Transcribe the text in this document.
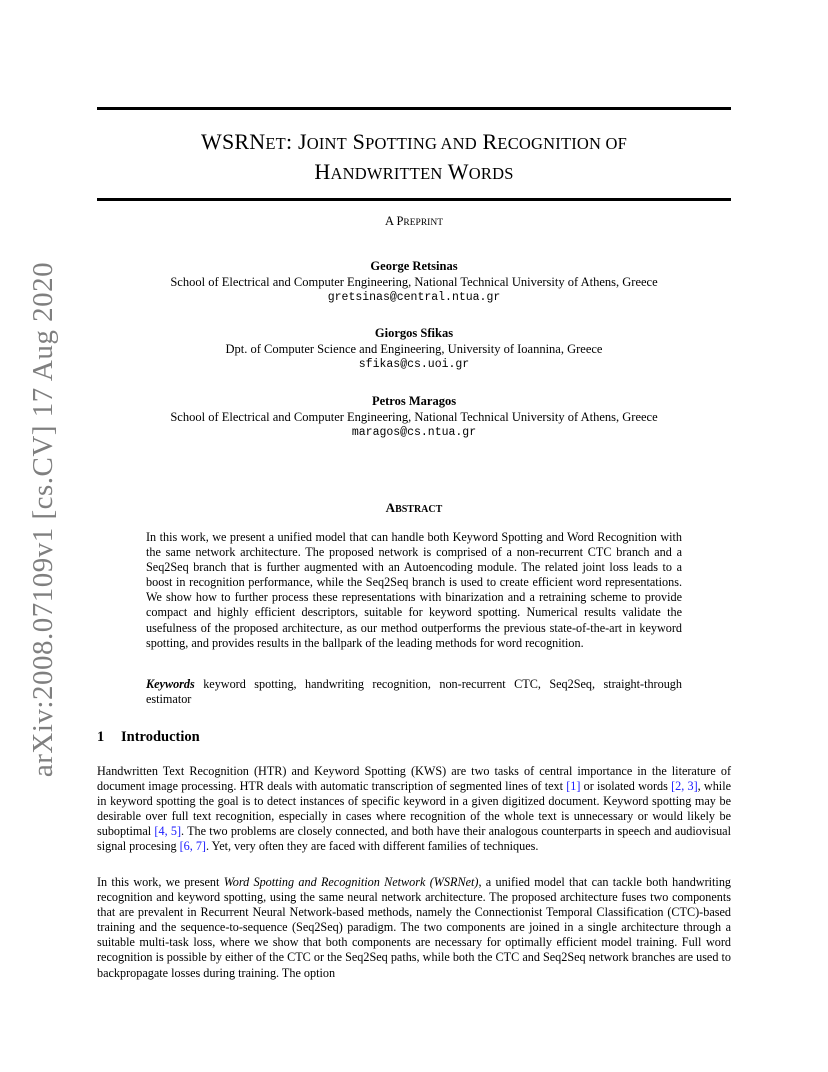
arXiv:2008.07109v1 [cs.CV] 17 Aug 2020
WSRNET: JOINT SPOTTING AND RECOGNITION OF
HANDWRITTEN WORDS
A PREPRINT
George Retsinas
School of Electrical and Computer Engineering, National Technical University of Athens, Greece
gretsinas@central.ntua.gr
Giorgos Sfikas
Dpt. of Computer Science and Engineering, University of Ioannina, Greece
sfikas@cs.uoi.gr
Petros Maragos
School of Electrical and Computer Engineering, National Technical University of Athens, Greece
maragos@cs.ntua.gr
ABSTRACT
In this work, we present a unified model that can handle both Keyword Spotting and Word Recognition with the same network architecture. The proposed network is comprised of a non-recurrent CTC branch and a Seq2Seq branch that is further augmented with an Autoencoding module. The related joint loss leads to a boost in recognition performance, while the Seq2Seq branch is used to create efficient word representations. We show how to further process these representations with binarization and a retraining scheme to provide compact and highly efficient descriptors, suitable for keyword spotting. Numerical results validate the usefulness of the proposed architecture, as our method outperforms the previous state-of-the-art in keyword spotting, and provides results in the ballpark of the leading methods for word recognition.
Keywords keyword spotting, handwriting recognition, non-recurrent CTC, Seq2Seq, straight-through estimator
1 Introduction

Handwritten Text Recognition (HTR) and Keyword Spotting (KWS) are two tasks of central importance in the literature of document image processing. HTR deals with automatic transcription of segmented lines of text [1] or isolated words [2, 3], while in keyword spotting the goal is to detect instances of specific keyword in a given digitized document. Keyword spotting may be desirable over full text recognition, especially in cases where recognition of the whole text is unnecessary or would likely be suboptimal [4, 5]. The two problems are closely connected, and both have their analogous counterparts in speech and audiovisual signal procesing [6, 7]. Yet, very often they are faced with different families of techniques.

In this work, we present Word Spotting and Recognition Network (WSRNet), a unified model that can tackle both handwriting recognition and keyword spotting, using the same neural network architecture. The proposed architecture fuses two components that are prevalent in Recurrent Neural Network-based methods, namely the Connectionist Temporal Classification (CTC)-based training and the sequence-to-sequence (Seq2Seq) paradigm. The two components are joined in a single architecture through a suitable multi-task loss, where we show that both components are necessary for optimally efficient model training. Full word recognition is possible by either of the CTC or the Seq2Seq paths, while both the CTC and Seq2Seq network branches are used to backpropagate losses during training. The option
